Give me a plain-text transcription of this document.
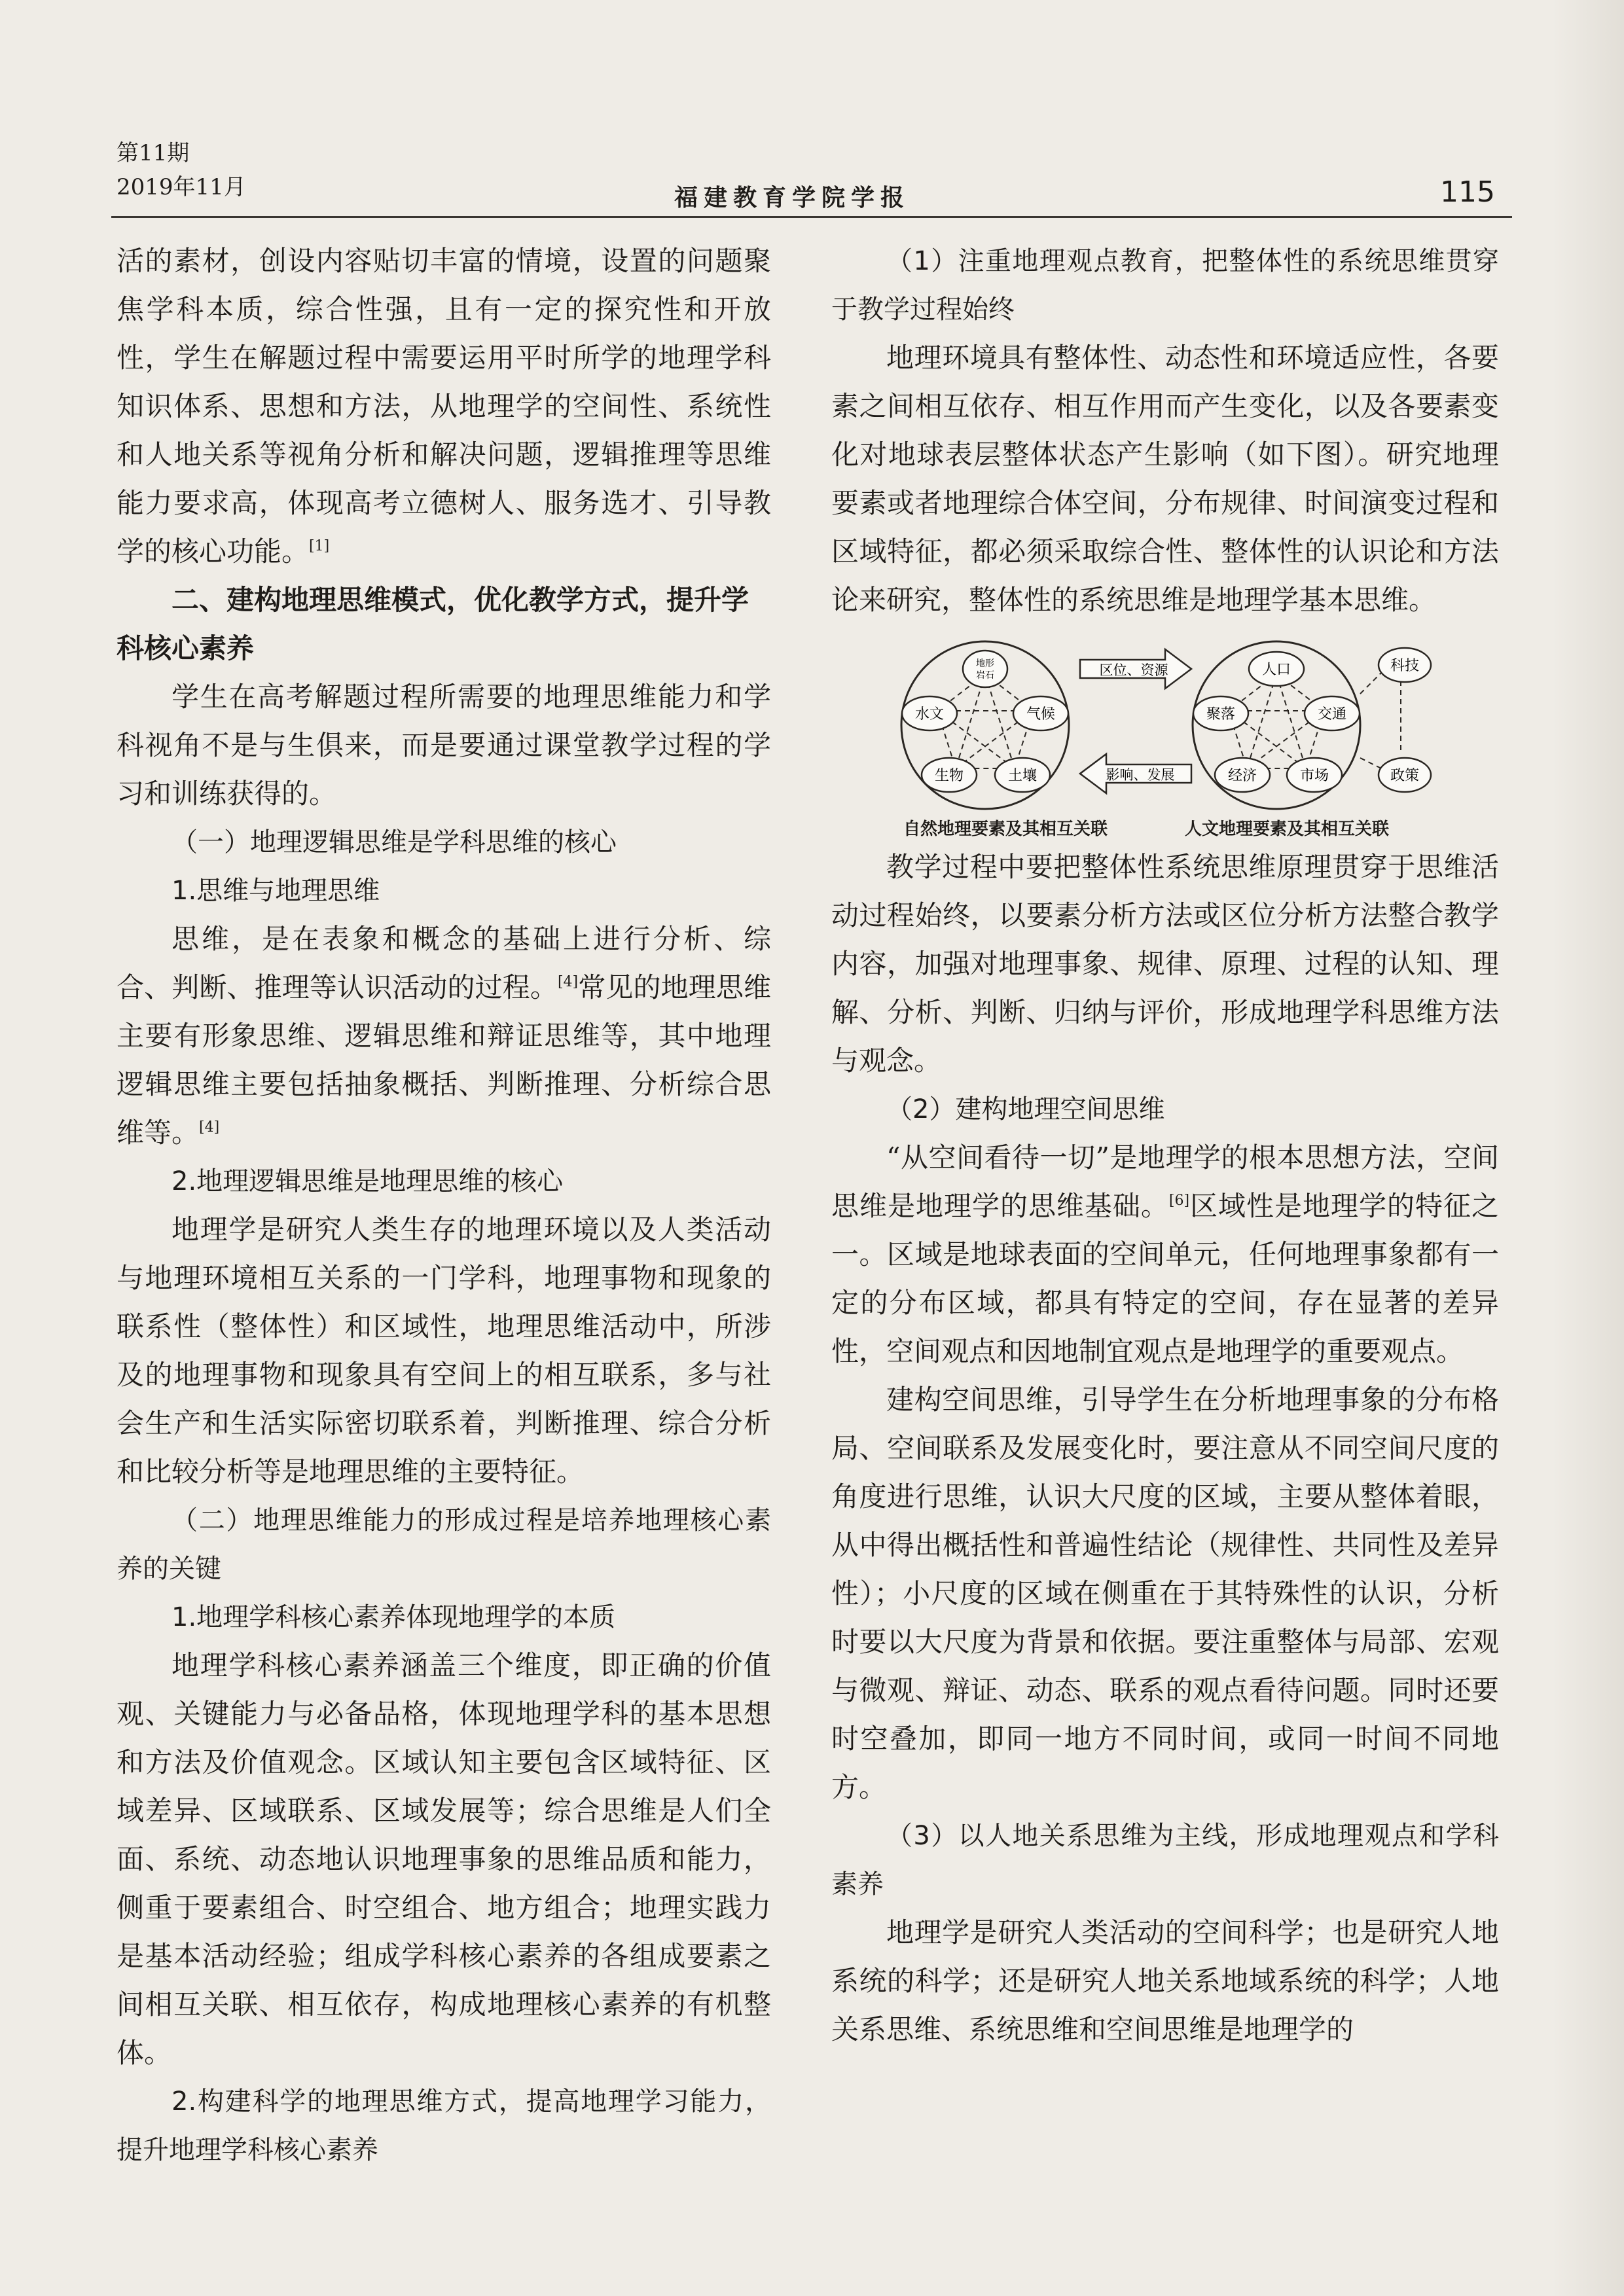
第11期
2019年11月	福建教育学院学报	115

活的素材，创设内容贴切丰富的情境，设置的问题聚焦学科本质，综合性强，且有一定的探究性和开放性，学生在解题过程中需要运用平时所学的地理学科知识体系、思想和方法，从地理学的空间性、系统性和人地关系等视角分析和解决问题，逻辑推理等思维能力要求高，体现高考立德树人、服务选才、引导教学的核心功能。[1]

二、建构地理思维模式，优化教学方式，提升学科核心素养

学生在高考解题过程所需要的地理思维能力和学科视角不是与生俱来，而是要通过课堂教学过程的学习和训练获得的。

（一）地理逻辑思维是学科思维的核心

1.思维与地理思维

思维，是在表象和概念的基础上进行分析、综合、判断、推理等认识活动的过程。[4]常见的地理思维主要有形象思维、逻辑思维和辩证思维等，其中地理逻辑思维主要包括抽象概括、判断推理、分析综合思维等。[4]

2.地理逻辑思维是地理思维的核心

地理学是研究人类生存的地理环境以及人类活动与地理环境相互关系的一门学科，地理事物和现象的联系性（整体性）和区域性，地理思维活动中，所涉及的地理事物和现象具有空间上的相互联系，多与社会生产和生活实际密切联系着，判断推理、综合分析和比较分析等是地理思维的主要特征。

（二）地理思维能力的形成过程是培养地理核心素养的关键

1.地理学科核心素养体现地理学的本质

地理学科核心素养涵盖三个维度，即正确的价值观、关键能力与必备品格，体现地理学科的基本思想和方法及价值观念。区域认知主要包含区域特征、区域差异、区域联系、区域发展等；综合思维是人们全面、系统、动态地认识地理事象的思维品质和能力，侧重于要素组合、时空组合、地方组合；地理实践力是基本活动经验；组成学科核心素养的各组成要素之间相互关联、相互依存，构成地理核心素养的有机整体。

2.构建科学的地理思维方式，提高地理学习能力，提升地理学科核心素养

（1）注重地理观点教育，把整体性的系统思维贯穿于教学过程始终

地理环境具有整体性、动态性和环境适应性，各要素之间相互依存、相互作用而产生变化，以及各要素变化对地球表层整体状态产生影响（如下图）。研究地理要素或者地理综合体空间，分布规律、时间演变过程和区域特征，都必须采取综合性、整体性的认识论和方法论来研究，整体性的系统思维是地理学基本思维。

地形
岩石
水文	气候
生物	土壤
区位、资源
影响、发展
人口
聚落	交通
经济	市场
科技
政策
自然地理要素及其相互关联	人文地理要素及其相互关联

教学过程中要把整体性系统思维原理贯穿于思维活动过程始终，以要素分析方法或区位分析方法整合教学内容，加强对地理事象、规律、原理、过程的认知、理解、分析、判断、归纳与评价，形成地理学科思维方法与观念。

（2）建构地理空间思维

“从空间看待一切”是地理学的根本思想方法，空间思维是地理学的思维基础。[6]区域性是地理学的特征之一。区域是地球表面的空间单元，任何地理事象都有一定的分布区域，都具有特定的空间，存在显著的差异性，空间观点和因地制宜观点是地理学的重要观点。

建构空间思维，引导学生在分析地理事象的分布格局、空间联系及发展变化时，要注意从不同空间尺度的角度进行思维，认识大尺度的区域，主要从整体着眼，从中得出概括性和普遍性结论（规律性、共同性及差异性）；小尺度的区域在侧重在于其特殊性的认识，分析时要以大尺度为背景和依据。要注重整体与局部、宏观与微观、辩证、动态、联系的观点看待问题。同时还要时空叠加，即同一地方不同时间，或同一时间不同地方。

（3）以人地关系思维为主线，形成地理观点和学科素养

地理学是研究人类活动的空间科学；也是研究人地系统的科学；还是研究人地关系地域系统的科学；人地关系思维、系统思维和空间思维是地理学的
